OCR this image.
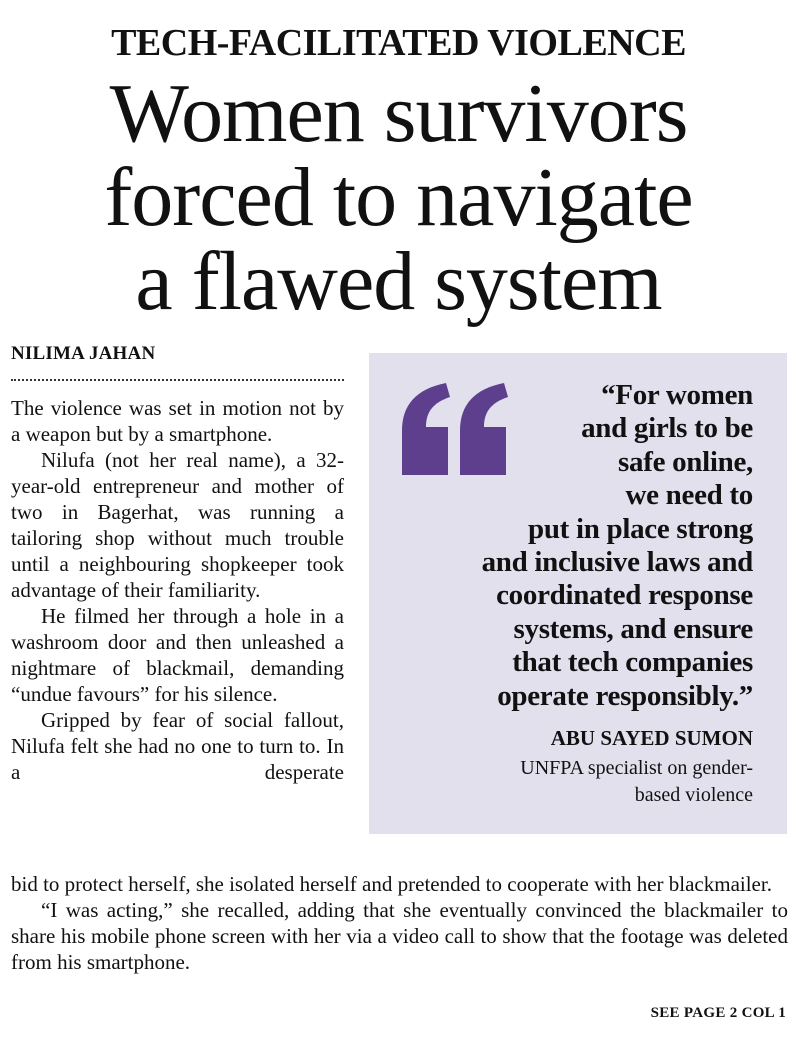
TECH-FACILITATED VIOLENCE
Women survivors
forced to navigate
a flawed system
NILIMA JAHAN

The violence was set in motion not by a weapon but by a smartphone.

Nilufa (not her real name), a 32-year-old entrepreneur and mother of two in Bagerhat, was running a tailoring shop without much trouble until a neighbouring shopkeeper took advantage of their familiarity.

He filmed her through a hole in a washroom door and then unleashed a nightmare of blackmail, demanding “undue favours” for his silence.

Gripped by fear of social fallout, Nilufa felt she had no one to turn to. In a desperate

“For women
and girls to be
safe online,
we need to
put in place strong
and inclusive laws and
coordinated response
systems, and ensure
that tech companies
operate responsibly.”
ABU SAYED SUMON
UNFPA specialist on gender-
based violence

bid to protect herself, she isolated herself and pretended to cooperate with her blackmailer.

“I was acting,” she recalled, adding that she eventually convinced the blackmailer to share his mobile phone screen with her via a video call to show that the footage was deleted from his smartphone.

SEE PAGE 2 COL 1
